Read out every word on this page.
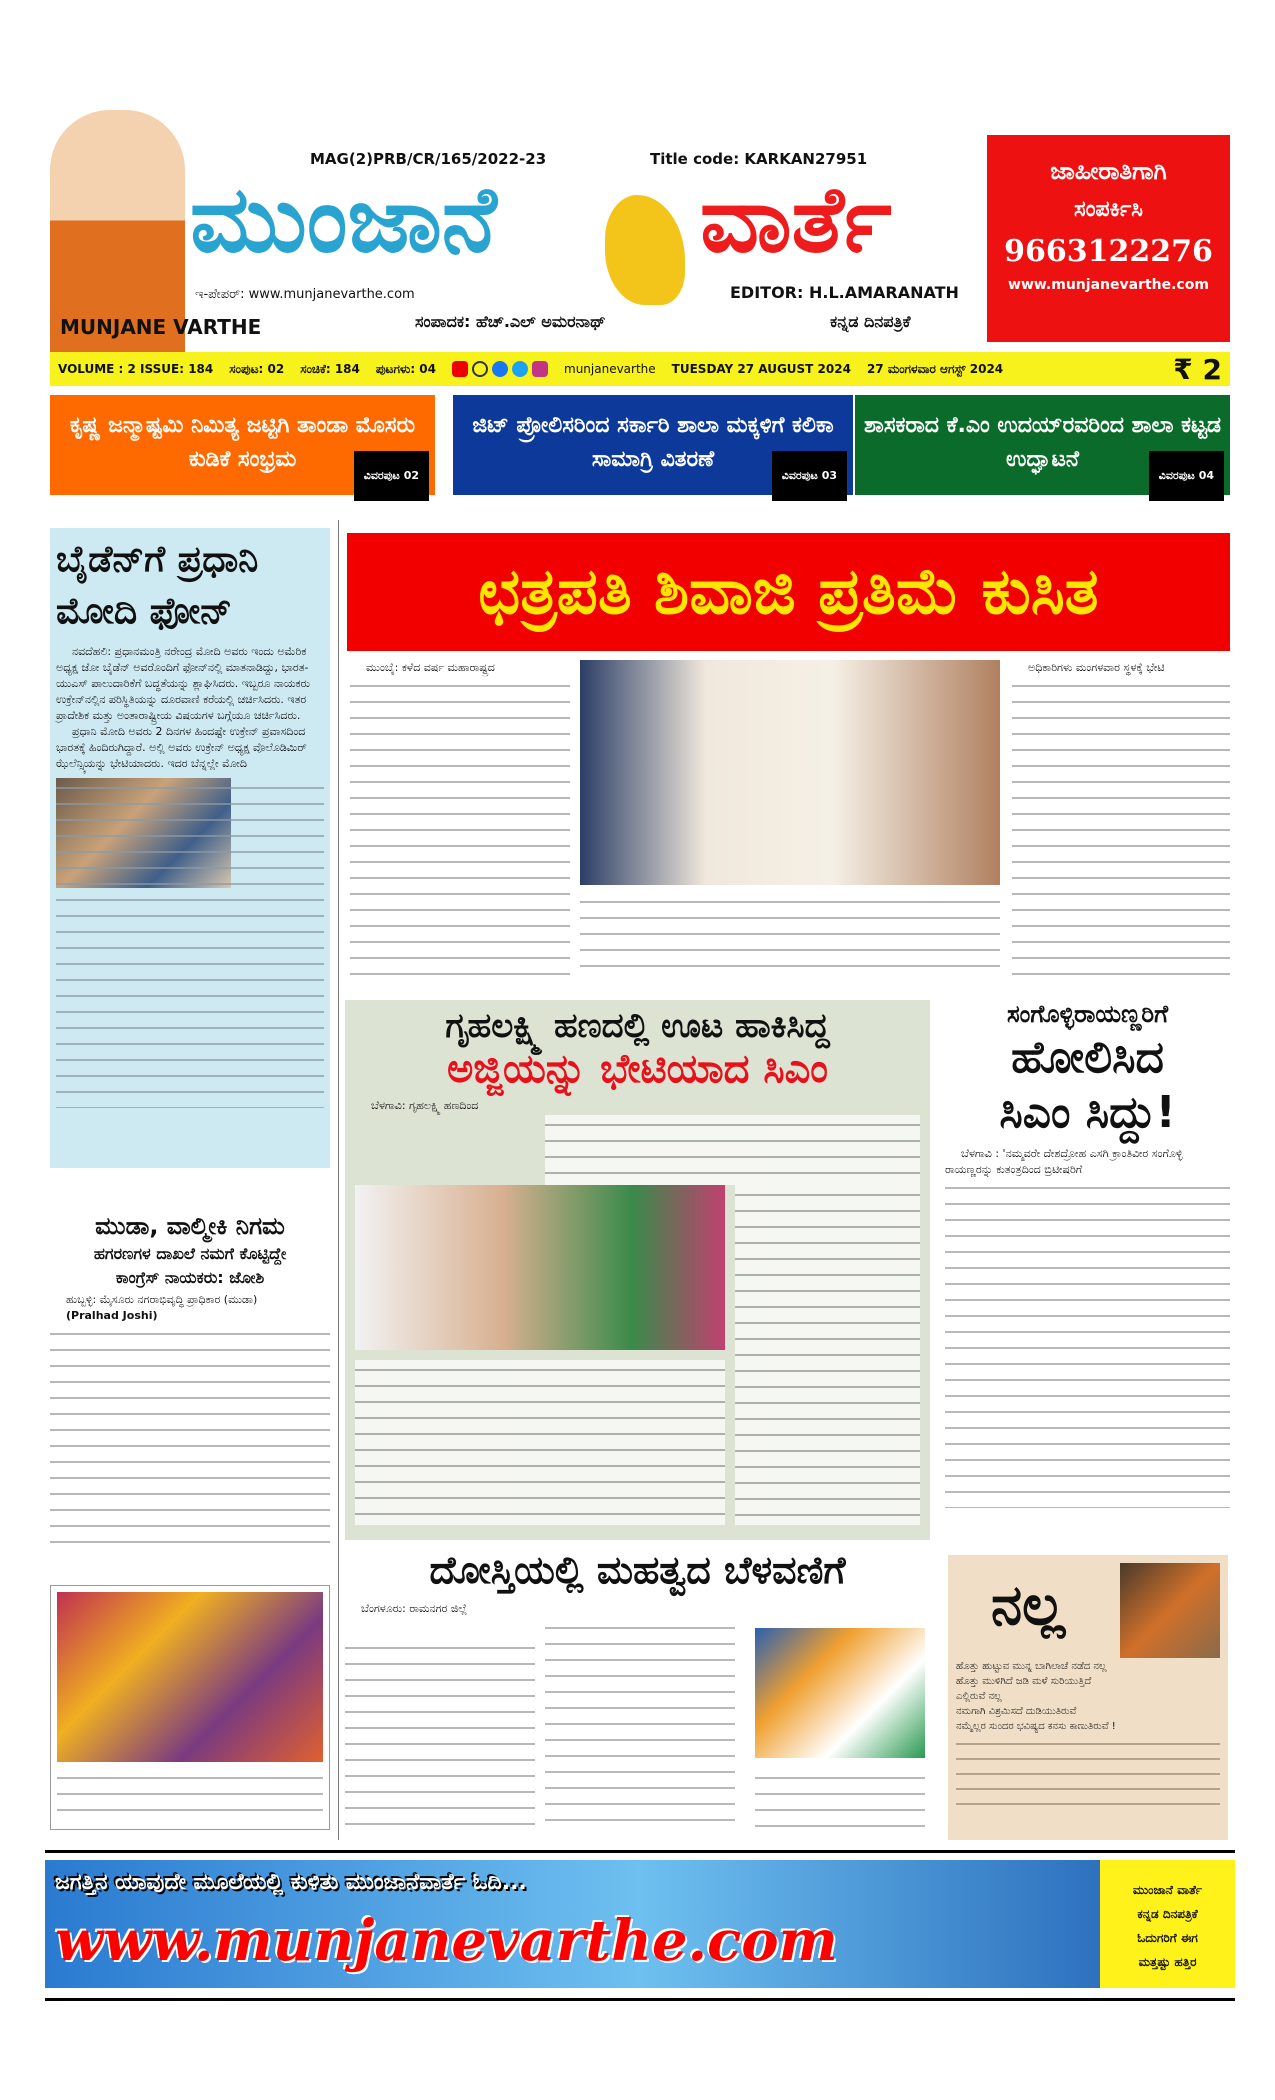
MUNJANE VARTHE
MAG(2)PRB/CR/165/2022-23	Title code: KARKAN27951
ಮುಂಜಾನೆ ವಾರ್ತೆ
ಇ-ಪೇಪರ್: www.munjanevarthe.com	EDITOR: H.L.AMARANATH
ಸಂಪಾದಕ: ಹೆಚ್.ಎಲ್ ಅಮರನಾಥ್	ಕನ್ನಡ ದಿನಪತ್ರಿಕೆ
ಜಾಹೀರಾತಿಗಾಗಿ
ಸಂಪರ್ಕಿಸಿ
9663122276
www.munjanevarthe.com
VOLUME : 2 ISSUE: 184 ಸಂಪುಟ: 02 ಸಂಚಿಕೆ: 184 ಪುಟಗಳು: 04	munjanevarthe TUESDAY 27 AUGUST 2024 27 ಮಂಗಳವಾರ ಆಗಸ್ಟ್ 2024	₹ 2
ಕೃಷ್ಣ ಜನ್ಮಾಷ್ಟಮಿ ನಿಮಿತ್ಯ ಜಟ್ಟಿಗಿ ತಾಂಡಾ ಮೊಸರು ಕುಡಿಕೆ ಸಂಭ್ರಮ
ವಿವರಪುಟ 02
ಜಿಟ್ ಪ್ರೋಲಿಸರಿಂದ ಸರ್ಕಾರಿ ಶಾಲಾ ಮಕ್ಕಳಿಗೆ ಕಲಿಕಾ ಸಾಮಾಗ್ರಿ ವಿತರಣೆ
ವಿವರಪುಟ 03
ಶಾಸಕರಾದ ಕೆ.ಎಂ ಉದಯ್‌ರವರಿಂದ ಶಾಲಾ ಕಟ್ಟಡ ಉದ್ಘಾಟನೆ
ವಿವರಪುಟ 04
ಬೈಡೆನ್‌ಗೆ ಪ್ರಧಾನಿ ಮೋದಿ ಫೋನ್

ನವದೆಹಲಿ: ಪ್ರಧಾನಮಂತ್ರಿ ನರೇಂದ್ರ ಮೋದಿ ಅವರು ಇಂದು ಅಮೆರಿಕ ಅಧ್ಯಕ್ಷ ಜೋ ಬೈಡೆನ್ ಅವರೊಂದಿಗೆ ಫೋನ್‌ನಲ್ಲಿ ಮಾತನಾಡಿದ್ದು, ಭಾರತ-ಯುಎಸ್ ಪಾಲುದಾರಿಕೆಗೆ ಬದ್ಧತೆಯನ್ನು ಶ್ಲಾಘಿಸಿದರು. ಇಬ್ಬರೂ ನಾಯಕರು ಉಕ್ರೇನ್‌ನಲ್ಲಿನ ಪರಿಸ್ಥಿತಿಯನ್ನು ದೂರವಾಣಿ ಕರೆಯಲ್ಲಿ ಚರ್ಚಿಸಿದರು. ಇತರ ಪ್ರಾದೇಶಿಕ ಮತ್ತು ಅಂತಾರಾಷ್ಟ್ರೀಯ ವಿಷಯಗಳ ಬಗ್ಗೆಯೂ ಚರ್ಚಿಸಿದರು.

ಪ್ರಧಾನಿ ಮೋದಿ ಅವರು 2 ದಿನಗಳ ಹಿಂದಷ್ಟೇ ಉಕ್ರೇನ್ ಪ್ರವಾಸದಿಂದ ಭಾರತಕ್ಕೆ ಹಿಂದಿರುಗಿದ್ದಾರೆ. ಅಲ್ಲಿ ಅವರು ಉಕ್ರೇನ್ ಅಧ್ಯಕ್ಷ ವೊಲೊಡಿಮಿರ್ ಝೆಲೆನ್ಸ್ಕಿಯನ್ನು ಭೇಟಿಯಾದರು. ಇದರ ಬೆನ್ನಲ್ಲೇ ಮೋದಿ

ಮುಡಾ, ವಾಲ್ಮೀಕಿ ನಿಗಮ
ಹಗರಣಗಳ ದಾಖಲೆ ನಮಗೆ ಕೊಟ್ಟಿದ್ದೇ
ಕಾಂಗ್ರೆಸ್ ನಾಯಕರು: ಜೋಶಿ

ಹುಬ್ಬಳ್ಳಿ: ಮೈಸೂರು ನಗರಾಭಿವೃದ್ಧಿ ಪ್ರಾಧಿಕಾರ (ಮುಡಾ)

(Pralhad Joshi)

ಛತ್ರಪತಿ ಶಿವಾಜಿ ಪ್ರತಿಮೆ ಕುಸಿತ

ಮುಂಬೈ: ಕಳೆದ ವರ್ಷ ಮಹಾರಾಷ್ಟ್ರದ	ಅಧಿಕಾರಿಗಳು ಮಂಗಳವಾರ ಸ್ಥಳಕ್ಕೆ ಭೇಟಿ

ಗೃಹಲಕ್ಷ್ಮಿ ಹಣದಲ್ಲಿ ಊಟ ಹಾಕಿಸಿದ್ದ
ಅಜ್ಜಿಯನ್ನು ಭೇಟಿಯಾದ ಸಿಎಂ

ಬೆಳಗಾವಿ: ಗೃಹಲಕ್ಷ್ಮಿ ಹಣದಿಂದ

ಸಂಗೊಳ್ಳಿರಾಯಣ್ಣರಿಗೆ
ಹೋಲಿಸಿದ
ಸಿಎಂ ಸಿದ್ದು!

ಬೆಳಗಾವಿ : 'ನಮ್ಮವರೇ ದೇಶದ್ರೋಹ ಎಸಗಿ ಕ್ರಾಂತಿವೀರ ಸಂಗೊಳ್ಳಿ ರಾಯಣ್ಣರನ್ನು ಕುತಂತ್ರದಿಂದ ಬ್ರಿಟೀಷರಿಗೆ

ದೋಸ್ತಿಯಲ್ಲಿ ಮಹತ್ವದ ಬೆಳವಣಿಗೆ

ಬೆಂಗಳೂರು: ರಾಮನಗರ ಜಿಲ್ಲೆ	ನಲ್ಲ
ಹೊತ್ತು ಹುಟ್ಟುವ ಮುನ್ನ ಬಾಗಿಲಾಚೆ ನಡೆದ ನಲ್ಲ
ಹೊತ್ತು ಮುಳಿಗಿದೆ ಜಡಿ ಮಳೆ ಸುರಿಯುತ್ತಿದೆ
ಎಲ್ಲಿರುವೆ ನಲ್ಲ
ನಮಗಾಗಿ ವಿಶ್ರಮಿಸದೆ ದುಡಿಯುತಿರುವೆ
ನಮ್ಮೆಲ್ಲರ ಸುಂದರ ಭವಿಷ್ಯದ ಕನಸು ಕಾಣುತಿರುವೆ !
ಜಗತ್ತಿನ ಯಾವುದೇ ಮೂಲೆಯಲ್ಲಿ ಕುಳಿತು ಮುಂಜಾನೆವಾರ್ತೆ ಓದಿ...
www.munjanevarthe.com
ಮುಂಜಾನೆ ವಾರ್ತೆ
ಕನ್ನಡ ದಿನಪತ್ರಿಕೆ
ಓದುಗರಿಗೆ ಈಗ
ಮತ್ತಷ್ಟು ಹತ್ತಿರ
